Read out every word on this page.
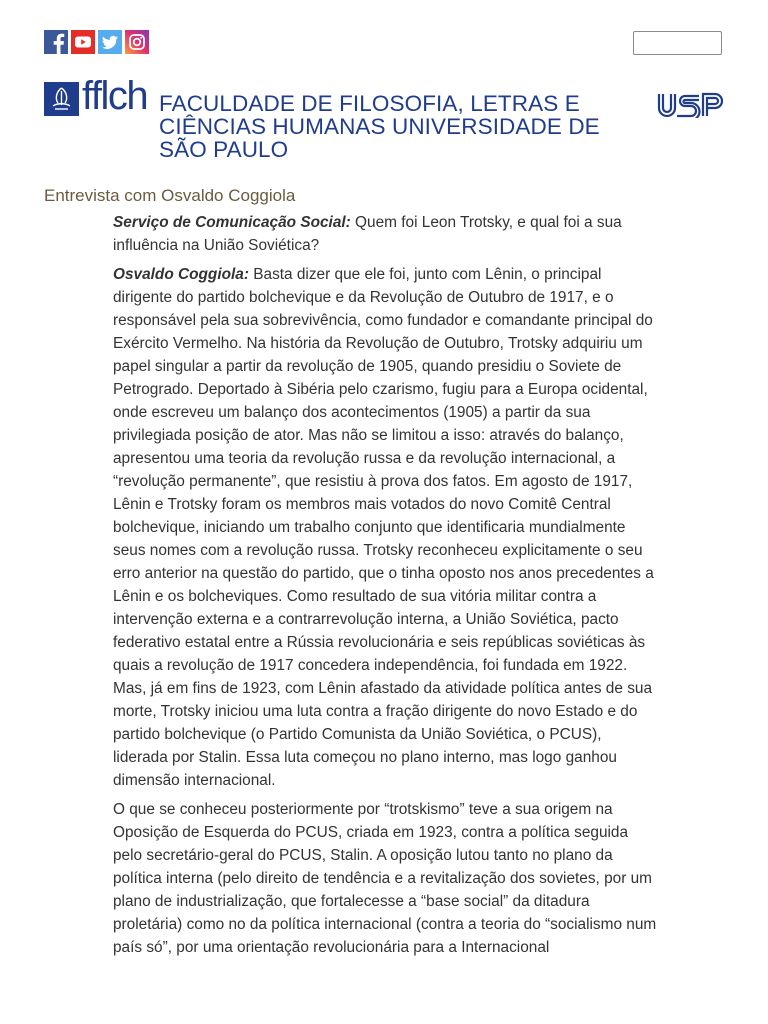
fflch FACULDADE DE FILOSOFIA, LETRAS E CIÊNCIAS HUMANAS UNIVERSIDADE DE SÃO PAULO
Entrevista com Osvaldo Coggiola

Serviço de Comunicação Social: Quem foi Leon Trotsky, e qual foi a sua influência na União Soviética?

Osvaldo Coggiola: Basta dizer que ele foi, junto com Lênin, o principal dirigente do partido bolchevique e da Revolução de Outubro de 1917, e o responsável pela sua sobrevivência, como fundador e comandante principal do Exército Vermelho. Na história da Revolução de Outubro, Trotsky adquiriu um papel singular a partir da revolução de 1905, quando presidiu o Soviete de Petrogrado. Deportado à Sibéria pelo czarismo, fugiu para a Europa ocidental, onde escreveu um balanço dos acontecimentos (1905) a partir da sua privilegiada posição de ator. Mas não se limitou a isso: através do balanço, apresentou uma teoria da revolução russa e da revolução internacional, a “revolução permanente”, que resistiu à prova dos fatos. Em agosto de 1917, Lênin e Trotsky foram os membros mais votados do novo Comitê Central bolchevique, iniciando um trabalho conjunto que identificaria mundialmente seus nomes com a revolução russa. Trotsky reconheceu explicitamente o seu erro anterior na questão do partido, que o tinha oposto nos anos precedentes a Lênin e os bolcheviques. Como resultado de sua vitória militar contra a intervenção externa e a contrarrevolução interna, a União Soviética, pacto federativo estatal entre a Rússia revolucionária e seis repúblicas soviéticas às quais a revolução de 1917 concedera independência, foi fundada em 1922. Mas, já em fins de 1923, com Lênin afastado da atividade política antes de sua morte, Trotsky iniciou uma luta contra a fração dirigente do novo Estado e do partido bolchevique (o Partido Comunista da União Soviética, o PCUS), liderada por Stalin. Essa luta começou no plano interno, mas logo ganhou dimensão internacional.

O que se conheceu posteriormente por “trotskismo” teve a sua origem na Oposição de Esquerda do PCUS, criada em 1923, contra a política seguida pelo secretário-geral do PCUS, Stalin. A oposição lutou tanto no plano da política interna (pelo direito de tendência e a revitalização dos sovietes, por um plano de industrialização, que fortalecesse a “base social” da ditadura proletária) como no da política internacional (contra a teoria do “socialismo num país só”, por uma orientação revolucionária para a Internacional
